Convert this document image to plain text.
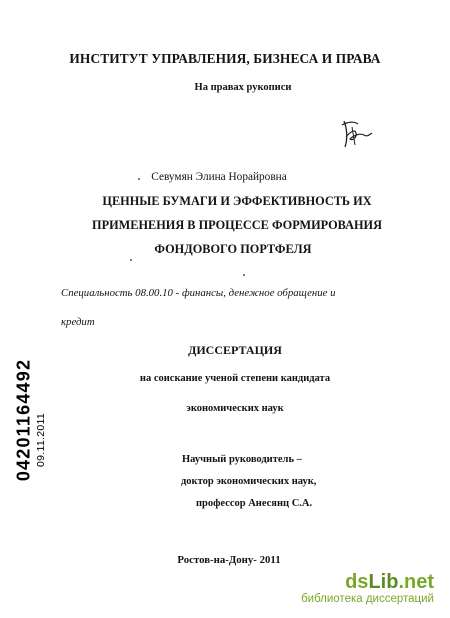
ИНСТИТУТ УПРАВЛЕНИЯ, БИЗНЕСА И ПРАВА
На правах рукописи
Севумян Элина Норайровна
ЦЕННЫЕ БУМАГИ И ЭФФЕКТИВНОСТЬ ИХ
ПРИМЕНЕНИЯ В ПРОЦЕССЕ ФОРМИРОВАНИЯ
ФОНДОВОГО ПОРТФЕЛЯ
Специальность 08.00.10 - финансы, денежное обращение и
кредит
ДИССЕРТАЦИЯ
на соискание ученой степени кандидата
экономических наук
Научный руководитель –
доктор экономических наук,
профессор Анесянц С.А.
Ростов-на-Дону- 2011
04201164492 09.11.2011
dsLib.net
библиотека диссертаций
